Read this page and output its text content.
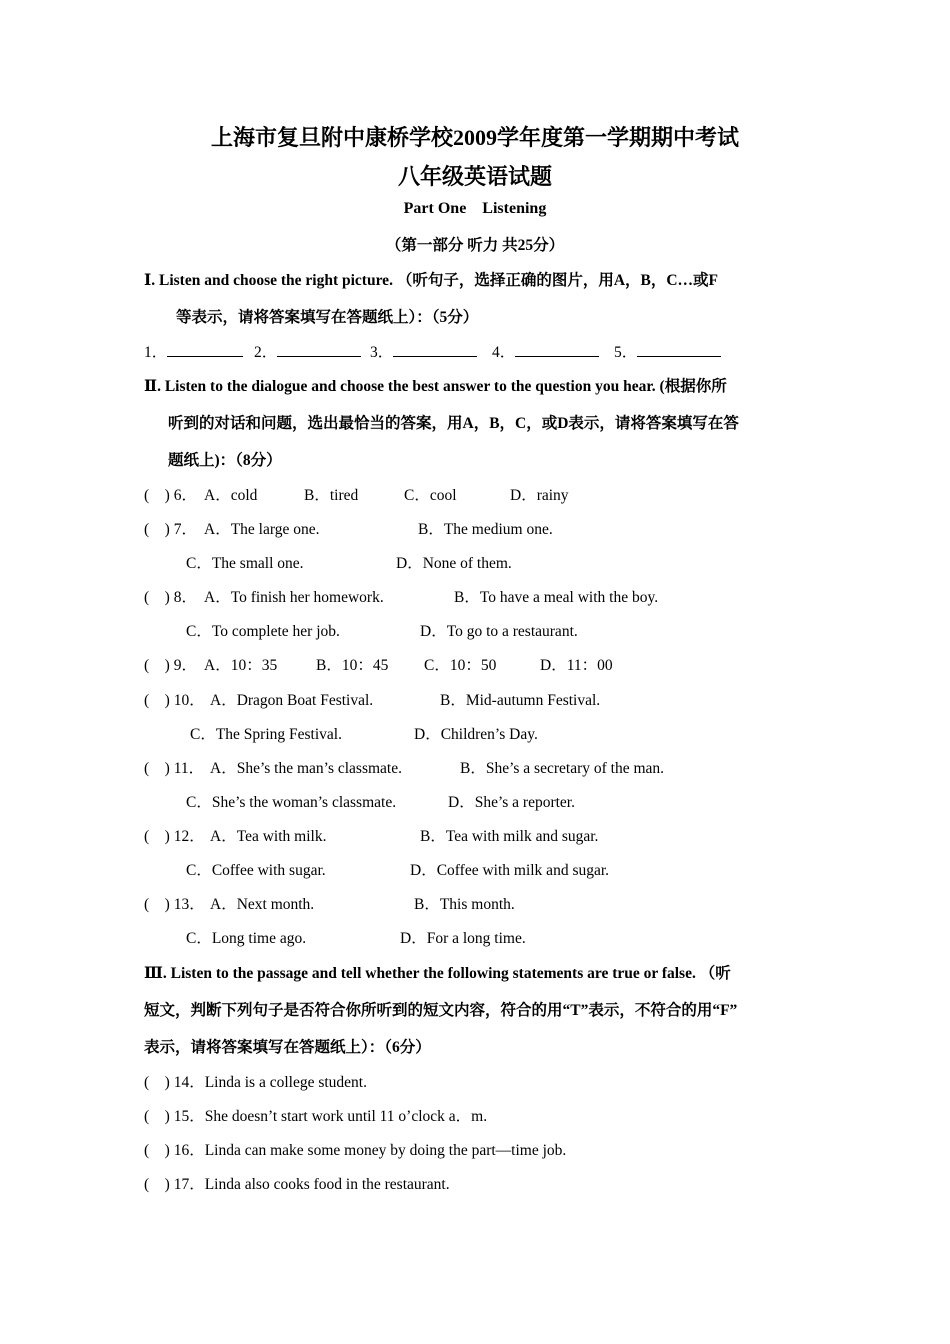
上海市复旦附中康桥学校2009学年度第一学期期中考试
八年级英语试题
Part One    Listening
（第一部分 听力 共25分）
Ⅰ. Listen and choose the right picture. （听句子，选择正确的图片，用A，B，C…或F
等表示，请将答案填写在答题纸上）：（5分）
1．	2．	3．	4．	5．
Ⅱ. Listen to the dialogue and choose the best answer to the question you hear. (根据你所
听到的对话和问题，选出最恰当的答案，用A，B，C，或D表示，请将答案填写在答
题纸上)：（8分）
(    ) 6． A．cold	B．tired	C．cool	D．rainy
(    ) 7． A．The large one.	B．The medium one.
C．The small one.	D．None of them.
(    ) 8． A．To finish her homework.	B．To have a meal with the boy.
C．To complete her job.	D．To go to a restaurant.
(    ) 9． A．10：35	B．10：45 C．10：50	D．11：00
(    ) 10． A．Dragon Boat Festival.	B．Mid-autumn Festival.
C．The Spring Festival.	D．Children’s Day.
(    ) 11． A．She’s the man’s classmate.	B．She’s a secretary of the man.
C．She’s the woman’s classmate.	D．She’s a reporter.
(    ) 12． A．Tea with milk.	B．Tea with milk and sugar.
C．Coffee with sugar.	D．Coffee with milk and sugar.
(    ) 13． A．Next month.	B．This month.
C．Long time ago.	D．For a long time.
Ⅲ. Listen to the passage and tell whether the following statements are true or false. （听
短文，判断下列句子是否符合你所听到的短文内容，符合的用“T”表示，不符合的用“F”
表示，请将答案填写在答题纸上）：（6分）
(    ) 14．Linda is a college student.
(    ) 15．She doesn’t start work until 11 o’clock a．m.
(    ) 16．Linda can make some money by doing the part—time job.
(    ) 17．Linda also cooks food in the restaurant.
